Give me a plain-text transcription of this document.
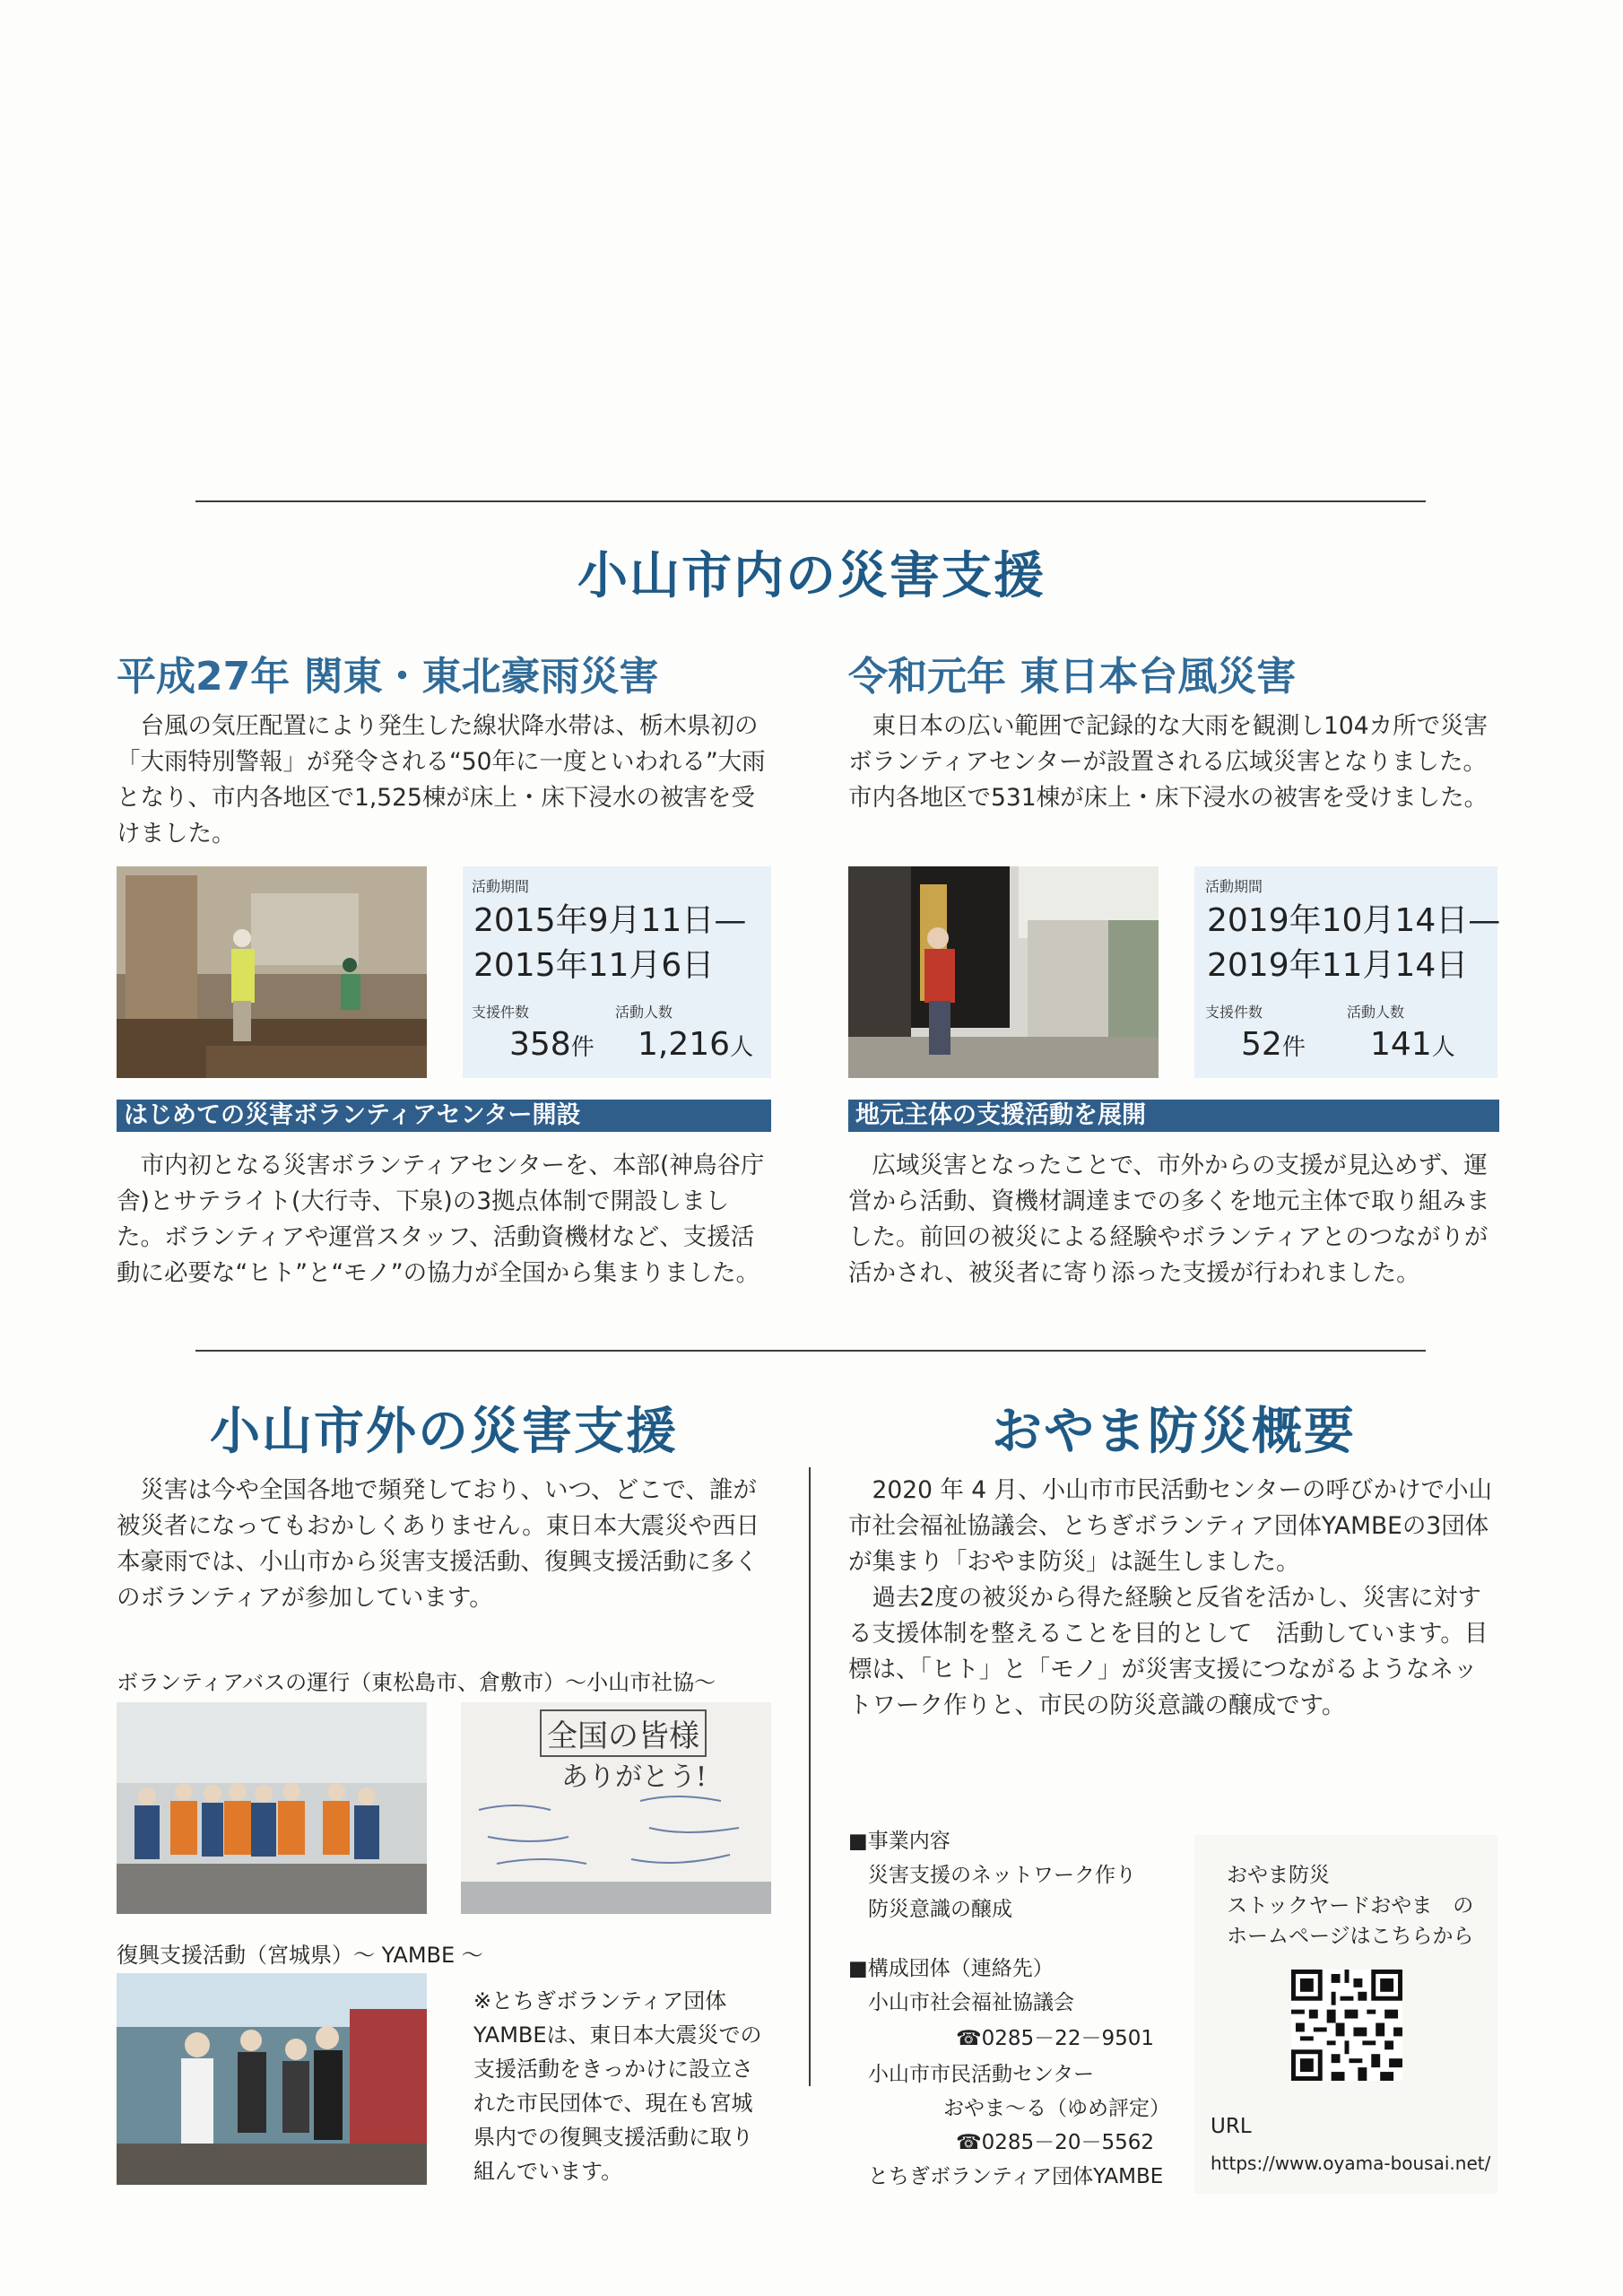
小山市内の災害支援
平成27年 関東・東北豪雨災害
台風の気圧配置により発生した線状降水帯は、栃木県初の「大雨特別警報」が発令される“50年に一度といわれる”大雨となり、市内各地区で1,525棟が床上・床下浸水の被害を受けました。
活動期間
2015年9月11日—
2015年11月6日
支援件数	活動人数
358件 1,216人
はじめての災害ボランティアセンター開設
市内初となる災害ボランティアセンターを、本部(神鳥谷庁舎)とサテライト(大行寺、下泉)の3拠点体制で開設しました。ボランティアや運営スタッフ、活動資機材など、支援活動に必要な“ヒト”と“モノ”の協力が全国から集まりました。
令和元年 東日本台風災害
東日本の広い範囲で記録的な大雨を観測し104カ所で災害ボランティアセンターが設置される広域災害となりました。市内各地区で531棟が床上・床下浸水の被害を受けました。
活動期間
2019年10月14日—
2019年11月14日
支援件数	活動人数
52件 141人
地元主体の支援活動を展開
広域災害となったことで、市外からの支援が見込めず、運営から活動、資機材調達までの多くを地元主体で取り組みました。前回の被災による経験やボランティアとのつながりが活かされ、被災者に寄り添った支援が行われました。
小山市外の災害支援
災害は今や全国各地で頻発しており、いつ、どこで、誰が被災者になってもおかしくありません。東日本大震災や西日本豪雨では、小山市から災害支援活動、復興支援活動に多くのボランティアが参加しています。
ボランティアバスの運行（東松島市、倉敷市）～小山市社協～
全国の皆様
ありがとう!
復興支援活動（宮城県）～ YAMBE ～
※とちぎボランティア団体YAMBEは、東日本大震災での支援活動をきっかけに設立された市民団体で、現在も宮城県内での復興支援活動に取り組んでいます。
おやま防災概要
2020 年 4 月、小山市市民活動センターの呼びかけで小山市社会福祉協議会、とちぎボランティア団体YAMBEの3団体が集まり「おやま防災」は誕生しました。
過去2度の被災から得た経験と反省を活かし、災害に対する支援体制を整えることを目的として　活動しています。目標は、「ヒト」と「モノ」が災害支援につながるようなネットワーク作りと、市民の防災意識の醸成です。
■事業内容
災害支援のネットワーク作り
防災意識の醸成
■構成団体（連絡先）
小山市社会福祉協議会
☎0285－22－9501
小山市市民活動センター
おやま～る（ゆめ評定）
☎0285－20－5562
とちぎボランティア団体YAMBE
おやま防災
ストックヤードおやま　の
ホームページはこちらから
URL
https://www.oyama-bousai.net/
